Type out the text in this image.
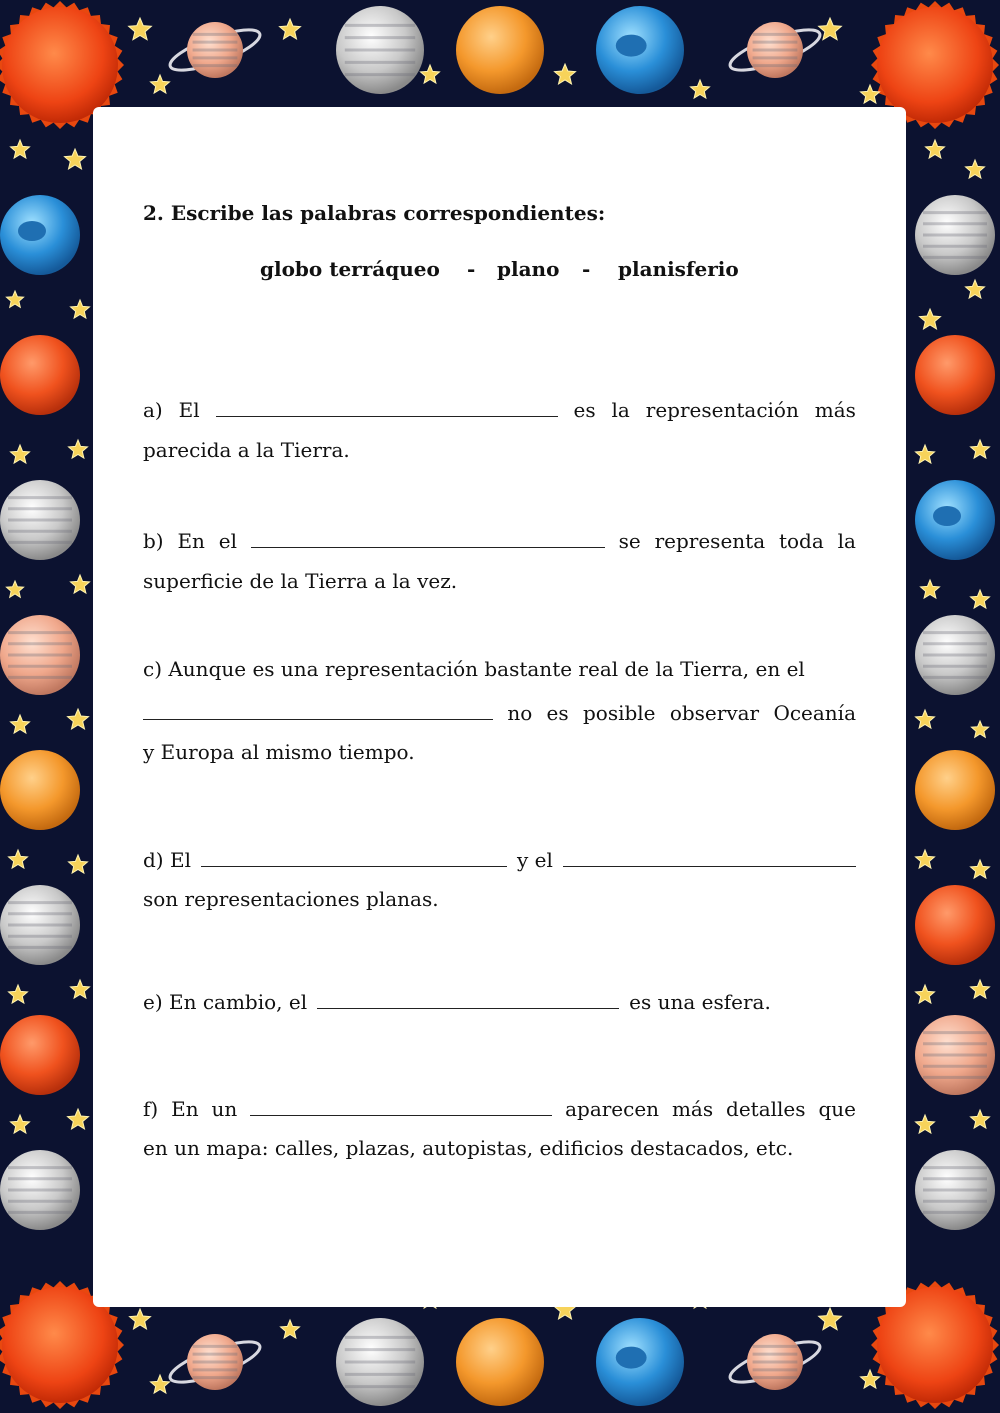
2. Escribe las palabras correspondientes:
globo terráqueo - plano - planisferio
a) El	es la representación más
parecida a la Tierra.
b) En el	se representa toda la
superficie de la Tierra a la vez.
c) Aunque es una representación bastante real de la Tierra, en el
no es posible observar Oceanía
y Europa al mismo tiempo.
d) El	y el
son representaciones planas.
e) En cambio, el	es una esfera.
f) En un	aparecen más detalles que
en un mapa: calles, plazas, autopistas, edificios destacados, etc.
